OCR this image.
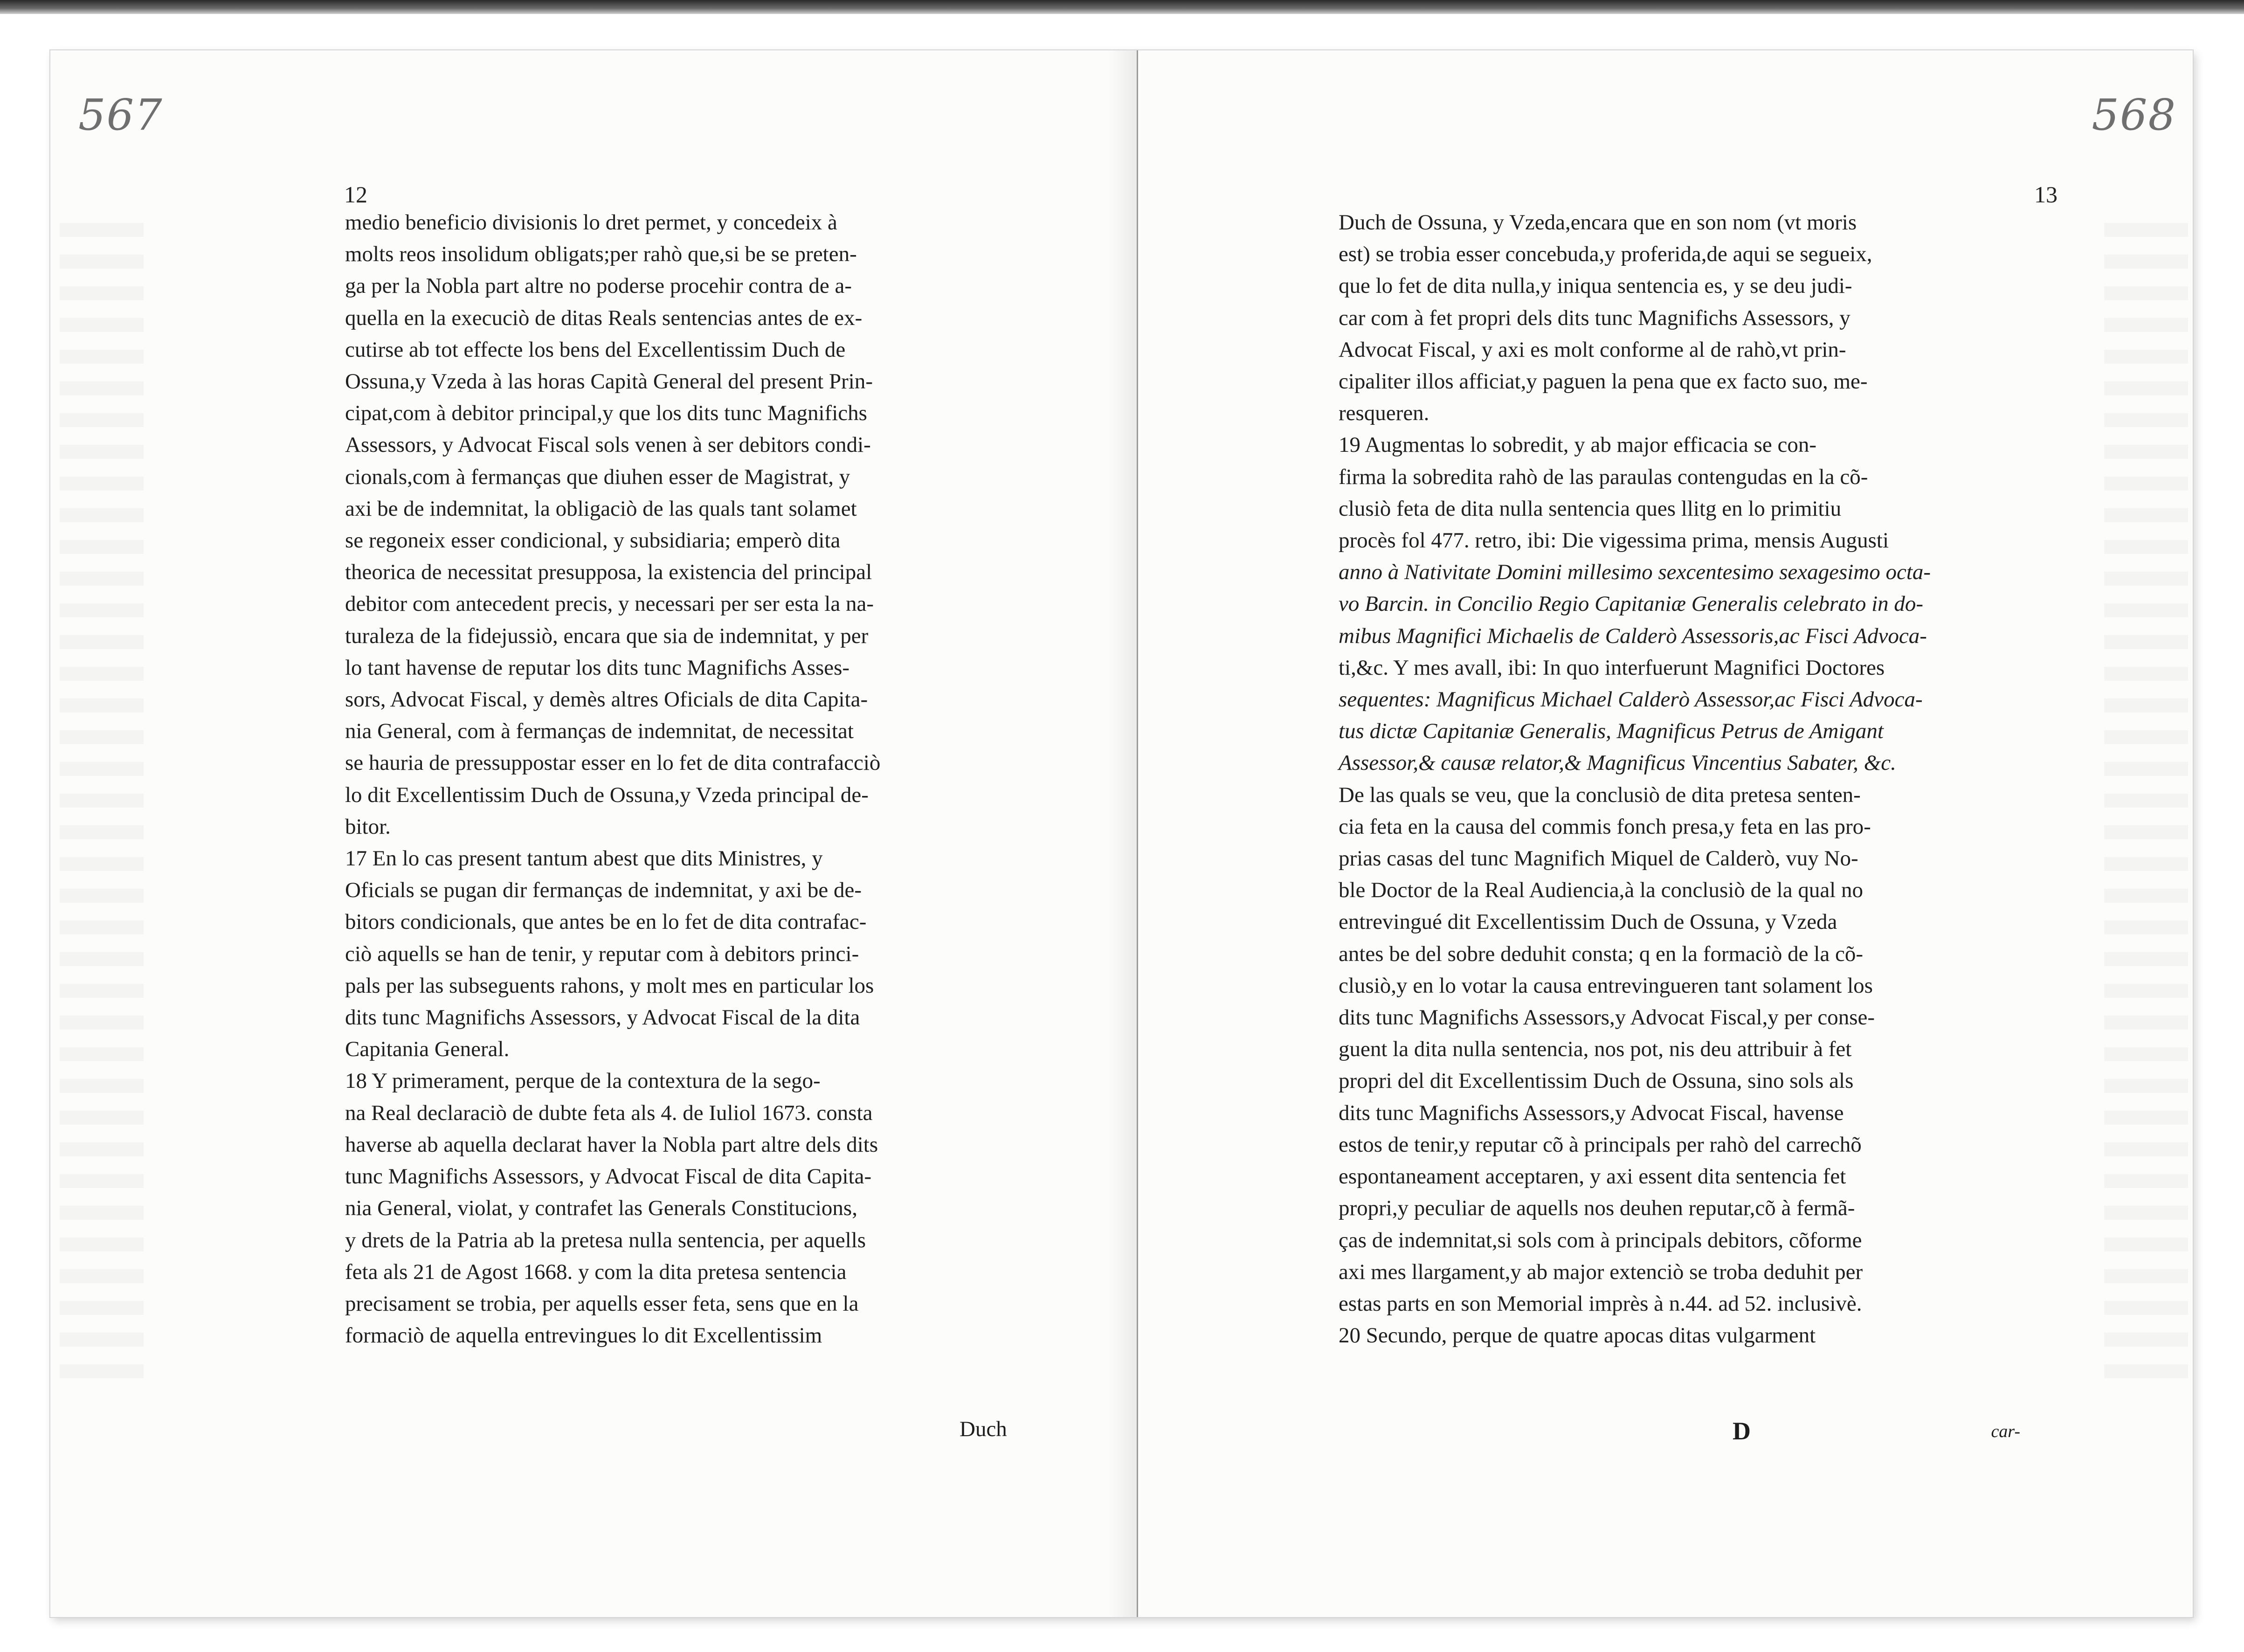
567
12

medio beneficio divisionis lo dret permet, y concedeix à

molts reos insolidum obligats;per rahò que,si be se preten-

ga per la Nobla part altre no poderse procehir contra de a-

quella en la execuciò de ditas Reals sentencias antes de ex-

cutirse ab tot effecte los bens del Excellentissim Duch de

Ossuna,y Vzeda à las horas Capità General del present Prin-

cipat,com à debitor principal,y que los dits tunc Magnifichs

Assessors, y Advocat Fiscal sols venen à ser debitors condi-

cionals,com à fermanças que diuhen esser de Magistrat, y

axi be de indemnitat, la obligaciò de las quals tant solamet

se regoneix esser condicional, y subsidiaria; emperò dita

theorica de necessitat presupposa, la existencia del principal

debitor com antecedent precis, y necessari per ser esta la na-

turaleza de la fidejussiò, encara que sia de indemnitat, y per

lo tant havense de reputar los dits tunc Magnifichs Asses-

sors, Advocat Fiscal, y demès altres Oficials de dita Capita-

nia General, com à fermanças de indemnitat, de necessitat

se hauria de pressuppostar esser en lo fet de dita contrafacciò

lo dit Excellentissim Duch de Ossuna,y Vzeda principal de-

bitor.

17 En lo cas present tantum abest que dits Ministres, y

Oficials se pugan dir fermanças de indemnitat, y axi be de-

bitors condicionals, que antes be en lo fet de dita contrafac-

ciò aquells se han de tenir, y reputar com à debitors princi-

pals per las subseguents rahons, y molt mes en particular los

dits tunc Magnifichs Assessors, y Advocat Fiscal de la dita

Capitania General.

18 Y primerament, perque de la contextura de la sego-

na Real declaraciò de dubte feta als 4. de Iuliol 1673. consta

haverse ab aquella declarat haver la Nobla part altre dels dits

tunc Magnifichs Assessors, y Advocat Fiscal de dita Capita-

nia General, violat, y contrafet las Generals Constitucions,

y drets de la Patria ab la pretesa nulla sentencia, per aquells

feta als 21 de Agost 1668. y com la dita pretesa sentencia

precisament se trobia, per aquells esser feta, sens que en la

formaciò de aquella entrevingues lo dit Excellentissim

Duch
568
13

Duch de Ossuna, y Vzeda,encara que en son nom (vt moris

est) se trobia esser concebuda,y proferida,de aqui se segueix,

que lo fet de dita nulla,y iniqua sentencia es, y se deu judi-

car com à fet propri dels dits tunc Magnifichs Assessors, y

Advocat Fiscal, y axi es molt conforme al de rahò,vt prin-

cipaliter illos afficiat,y paguen la pena que ex facto suo, me-

resqueren.

19 Augmentas lo sobredit, y ab major efficacia se con-

firma la sobredita rahò de las paraulas contengudas en la cõ-

clusiò feta de dita nulla sentencia ques llitg en lo primitiu

procès fol 477. retro, ibi: Die vigessima prima, mensis Augusti

anno à Nativitate Domini millesimo sexcentesimo sexagesimo octa-

vo Barcin. in Concilio Regio Capitaniæ Generalis celebrato in do-

mibus Magnifici Michaelis de Calderò Assessoris,ac Fisci Advoca-

ti,&c. Y mes avall, ibi: In quo interfuerunt Magnifici Doctores

sequentes: Magnificus Michael Calderò Assessor,ac Fisci Advoca-

tus dictæ Capitaniæ Generalis, Magnificus Petrus de Amigant

Assessor,& causæ relator,& Magnificus Vincentius Sabater, &c.

De las quals se veu, que la conclusiò de dita pretesa senten-

cia feta en la causa del commis fonch presa,y feta en las pro-

prias casas del tunc Magnifich Miquel de Calderò, vuy No-

ble Doctor de la Real Audiencia,à la conclusiò de la qual no

entrevingué dit Excellentissim Duch de Ossuna, y Vzeda

antes be del sobre deduhit consta; q en la formaciò de la cõ-

clusiò,y en lo votar la causa entrevingueren tant solament los

dits tunc Magnifichs Assessors,y Advocat Fiscal,y per conse-

guent la dita nulla sentencia, nos pot, nis deu attribuir à fet

propri del dit Excellentissim Duch de Ossuna, sino sols als

dits tunc Magnifichs Assessors,y Advocat Fiscal, havense

estos de tenir,y reputar cõ à principals per rahò del carrechõ

espontaneament acceptaren, y axi essent dita sentencia fet

propri,y peculiar de aquells nos deuhen reputar,cõ à fermã-

ças de indemnitat,si sols com à principals debitors, cõforme

axi mes llargament,y ab major extenciò se troba deduhit per

estas parts en son Memorial imprès à n.44. ad 52. inclusivè.

20 Secundo, perque de quatre apocas ditas vulgarment

D	car-
